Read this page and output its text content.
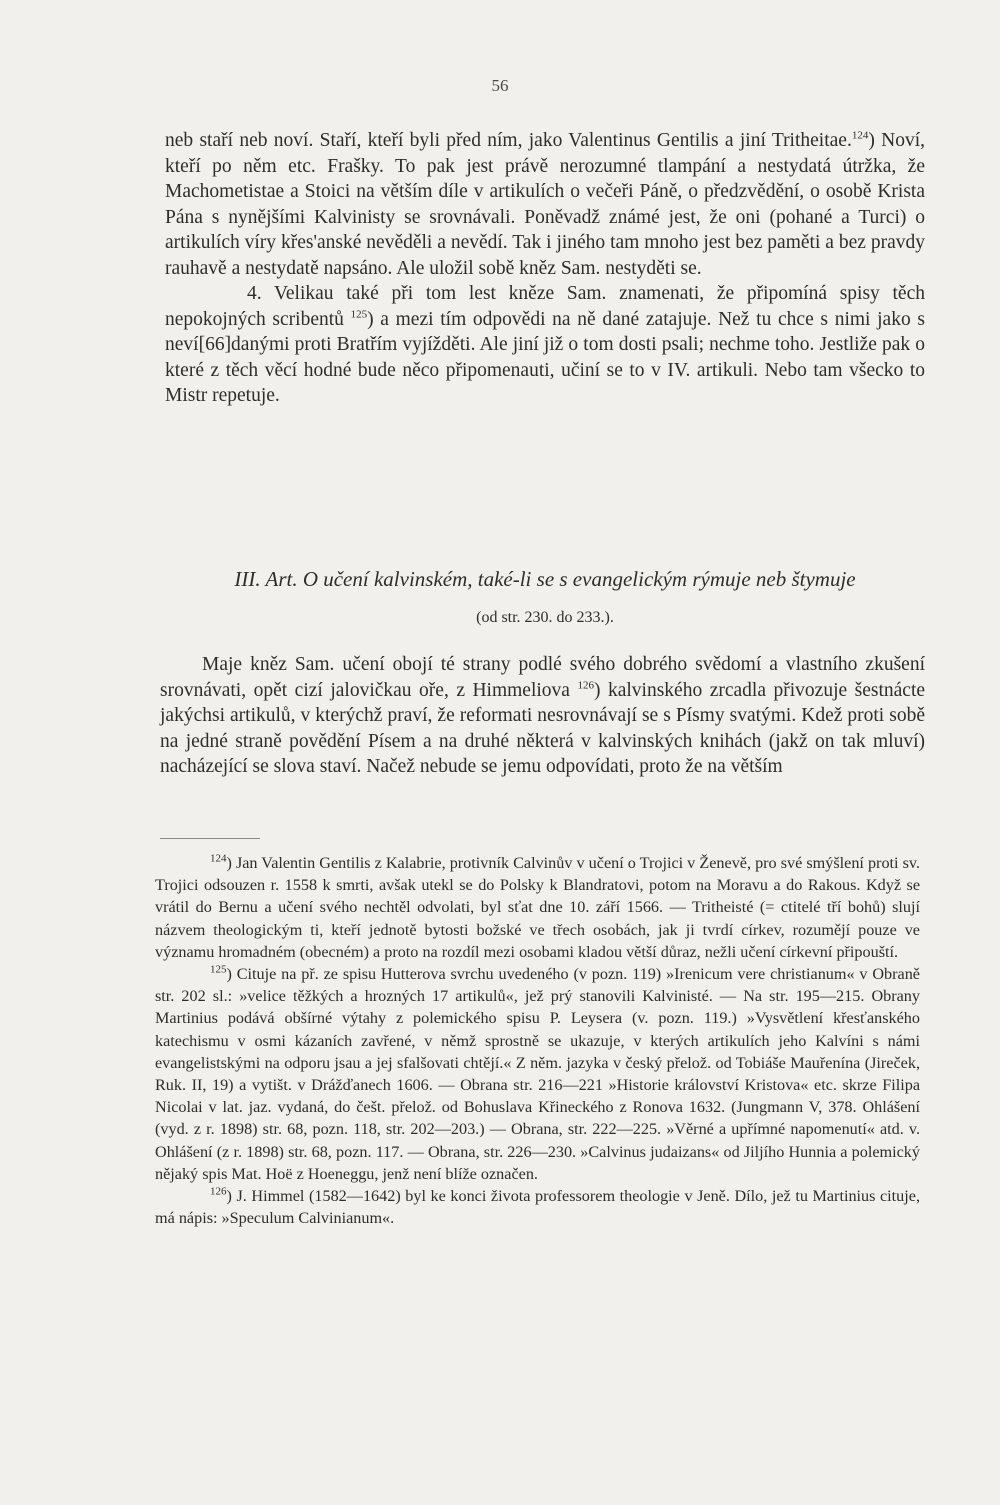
56

neb staří neb noví. Staří, kteří byli před ním, jako Valentinus Gentilis a jiní Tritheitae.$^{124}$) Noví, kteří po něm etc. Frašky. To pak jest právě nerozumné tlampání a nestydatá útržka, že Machometistae a Stoici na větším díle v artikulích o večeři Páně, o předzvědění, o osobě Krista Pána s nynějšími Kalvinisty se srovnávali. Poněvadž známé jest, že oni (pohané a Turci) o artikulích víry křes'anské nevěděli a nevědí. Tak i jiného tam mnoho jest bez paměti a bez pravdy rauhavě a nestydatě napsáno. Ale uložil sobě kněz Sam. nestyděti se.

4. Velikau také při tom lest kněze Sam. znamenati, že připomíná spisy těch nepokojných scribentů $^{125}$) a mezi tím odpovědi na ně dané zatajuje. Než tu chce s nimi jako s neví[66]danými proti Bratřím vyjížděti. Ale jiní již o tom dosti psali; nechme toho. Jestliže pak o které z těch věcí hodné bude něco připomenauti, učiní se to v IV. artikuli. Nebo tam všecko to Mistr repetuje.

III. Art. O učení kalvinském, také-li se s evangelickým rýmuje neb štymuje
(od str. 230. do 233.).

Maje kněz Sam. učení obojí té strany podlé svého dobrého svědomí a vlastního zkušení srovnávati, opět cizí jalovičkau oře, z Himmeliova $^{126}$) kalvinského zrcadla přivozuje šestnácte jakýchsi artikulů, v kterýchž praví, že reformati nesrovnávají se s Písmy svatými. Kdež proti sobě na jedné straně povědění Písem a na druhé některá v kalvinských knihách (jakž on tak mluví) nacházející se slova staví. Načež nebude se jemu odpovídati, proto že na větším

$^{124}$) Jan Valentin Gentilis z Kalabrie, protivník Calvinův v učení o Trojici v Ženevě, pro své smýšlení proti sv. Trojici odsouzen r. 1558 k smrti, avšak utekl se do Polsky k Blandratovi, potom na Moravu a do Rakous. Když se vrátil do Bernu a učení svého nechtěl odvolati, byl sťat dne 10. září 1566. — Tritheisté (= ctitelé tří bohů) slují názvem theologickým ti, kteří jednotě bytosti božské ve třech osobách, jak ji tvrdí církev, rozumějí pouze ve významu hromadném (obecném) a proto na rozdíl mezi osobami kladou větší důraz, nežli učení církevní připouští.

$^{125}$) Cituje na př. ze spisu Hutterova svrchu uvedeného (v pozn. 119) »Irenicum vere christianum« v Obraně str. 202 sl.: »velice těžkých a hrozných 17 artikulů«, jež prý stanovili Kalvinisté. — Na str. 195—215. Obrany Martinius podává obšírné výtahy z polemického spisu P. Leysera (v. pozn. 119.) »Vysvětlení křesťanského katechismu v osmi kázaních zavřené, v němž sprostně se ukazuje, v kterých artikulích jeho Kalvíni s námi evangelistskými na odporu jsau a jej sfalšovati chtějí.« Z něm. jazyka v český přelož. od Tobiáše Mauřenína (Jireček, Ruk. II, 19) a vytišt. v Drážďanech 1606. — Obrana str. 216—221 »Historie království Kristova« etc. skrze Filipa Nicolai v lat. jaz. vydaná, do češt. přelož. od Bohuslava Křineckého z Ronova 1632. (Jungmann V, 378. Ohlášení (vyd. z r. 1898) str. 68, pozn. 118, str. 202—203.) — Obrana, str. 222—225. »Věrné a upřímné napomenutí« atd. v. Ohlášení (z r. 1898) str. 68, pozn. 117. — Obrana, str. 226—230. »Calvinus judaizans« od Jiljího Hunnia a polemický nějaký spis Mat. Hoë z Hoeneggu, jenž není blíže označen.

$^{126}$) J. Himmel (1582—1642) byl ke konci života professorem theologie v Jeně. Dílo, jež tu Martinius cituje, má nápis: »Speculum Calvinianum«.
